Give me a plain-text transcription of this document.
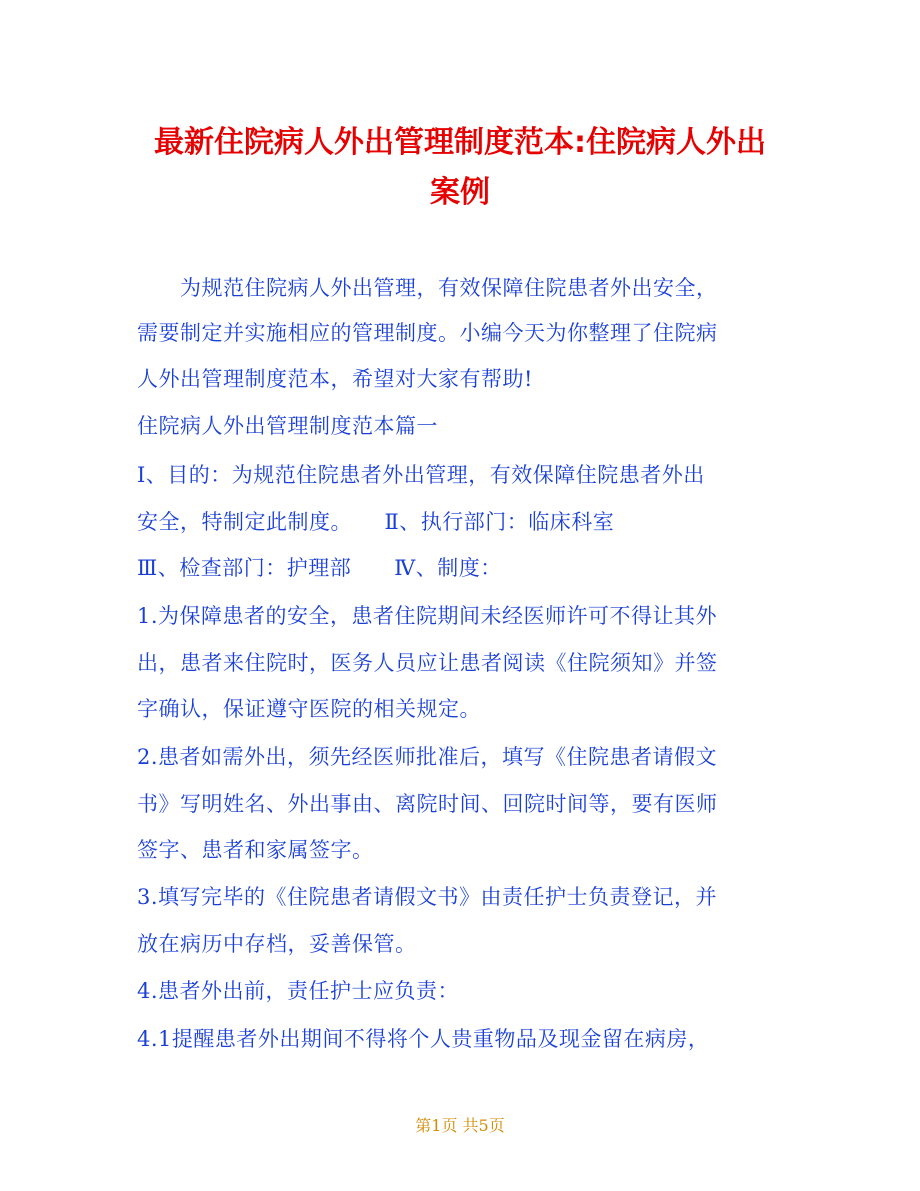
最新住院病人外出管理制度范本:住院病人外出
案例
　　为规范住院病人外出管理，有效保障住院患者外出安全，
需要制定并实施相应的管理制度。小编今天为你整理了住院病
人外出管理制度范本，希望对大家有帮助!
住院病人外出管理制度范本篇一
Ⅰ、目的：为规范住院患者外出管理，有效保障住院患者外出
安全，特制定此制度。　　Ⅱ、执行部门：临床科室
Ⅲ、检查部门：护理部　　Ⅳ、制度：
1.为保障患者的安全，患者住院期间未经医师许可不得让其外
出，患者来住院时，医务人员应让患者阅读《住院须知》并签
字确认，保证遵守医院的相关规定。
2.患者如需外出，须先经医师批准后，填写《住院患者请假文
书》写明姓名、外出事由、离院时间、回院时间等，要有医师
签字、患者和家属签字。
3.填写完毕的《住院患者请假文书》由责任护士负责登记，并
放在病历中存档，妥善保管。
4.患者外出前，责任护士应负责：
4.1提醒患者外出期间不得将个人贵重物品及现金留在病房，
第1页 共5页
